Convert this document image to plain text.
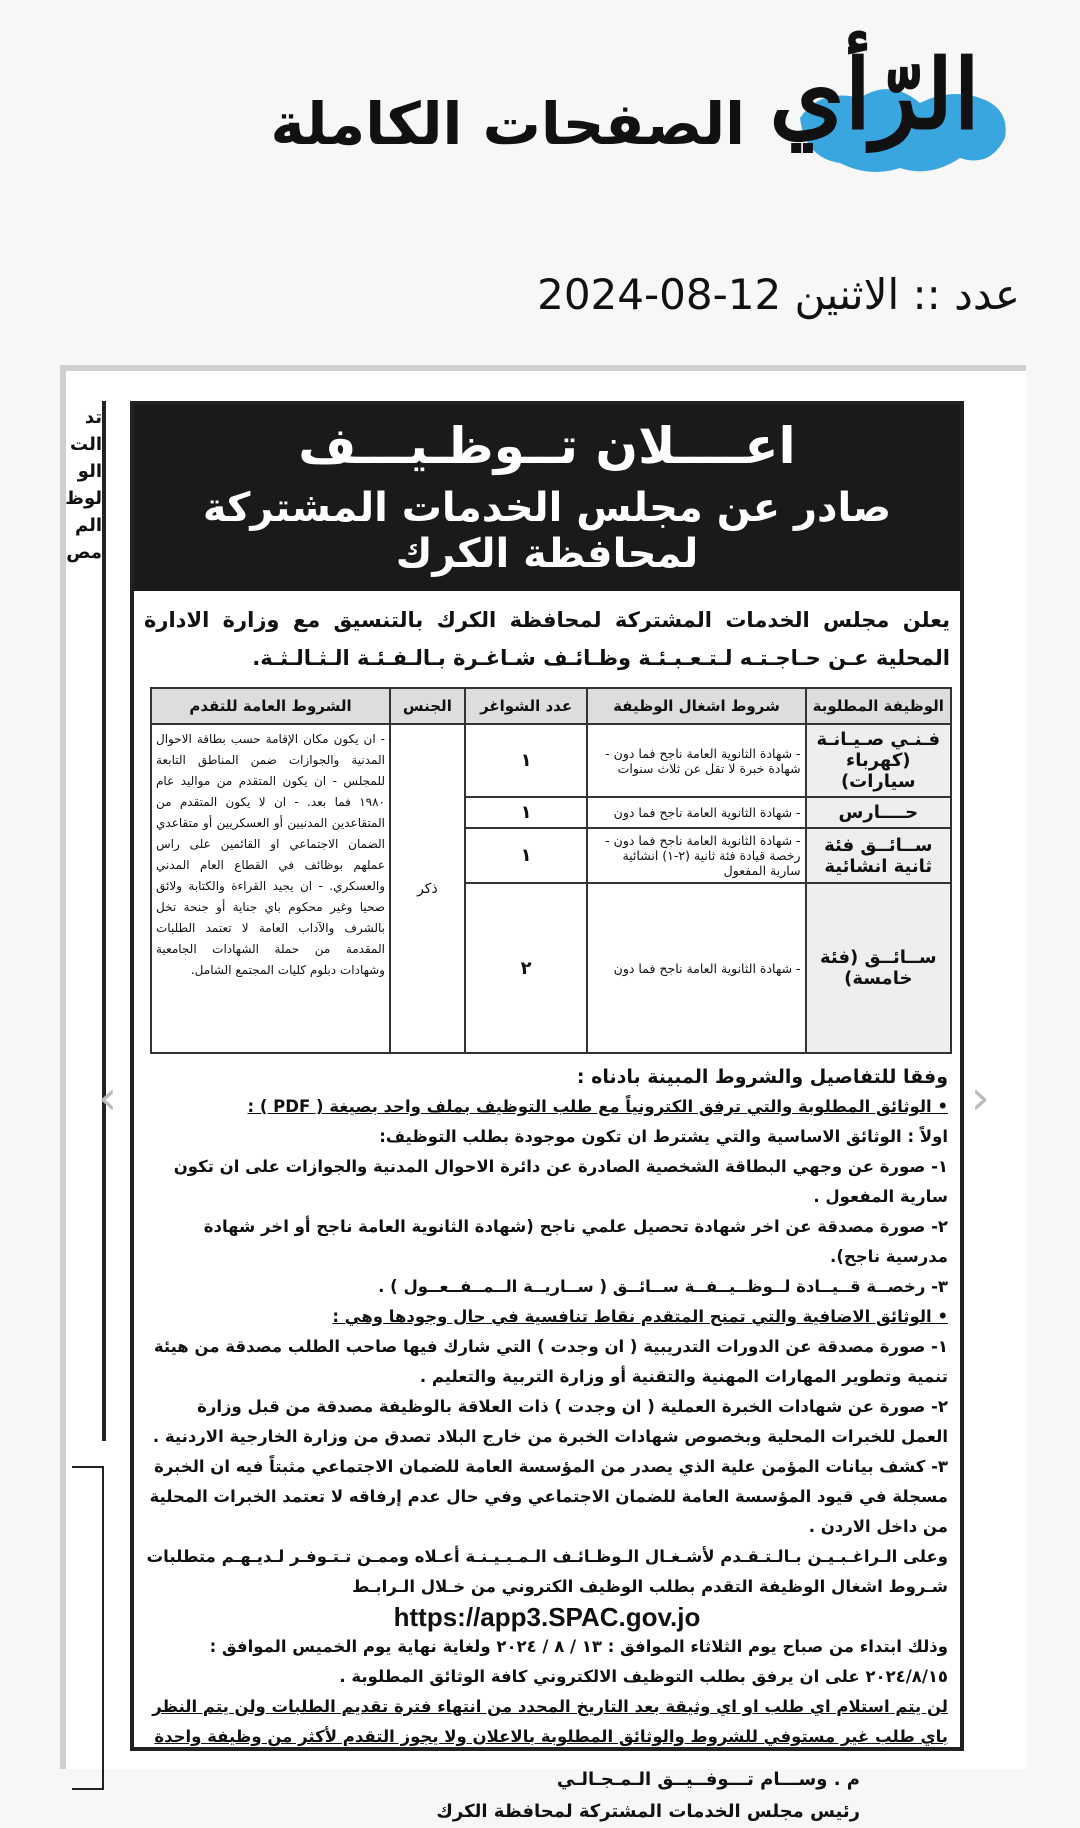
الرّأي
الصفحات الكاملة
عدد :: الاثنين 12-08-2024
تد
الت
الو
لوظ
الم
مص
اعــــلان تــوظـيـــف
صادر عن مجلس الخدمات المشتركة لمحافظة الكرك
يعلن مجلس الخدمات المشتركة لمحافظة الكرك بالتنسيق مع وزارة الادارة المحلية عـن حـاجـتـه لـتـعـبـئـة وظـائـف شـاغـرة بـالـفـئـة الـثـالـثـة.
الوظيفة المطلوبة	شروط اشغال الوظيفة	عدد الشواغر	الجنس	الشروط العامة للتقدم
فـنـي صـيـانـة (كهرباء سيارات)	- شهادة الثانوية العامة ناجح فما دون - شهادة خبرة لا تقل عن ثلاث سنوات	١	ذكر	- ان يكون مكان الإقامة حسب بطاقة الاحوال المدنية والجوازات ضمن المناطق التابعة للمجلس - ان يكون المتقدم من مواليد عام ١٩٨٠ فما بعد. - ان لا يكون المتقدم من المتقاعدين المدنيين أو العسكريين أو متقاعدي الضمان الاجتماعي او القائمين على راس عملهم بوظائف في القطاع العام المدني والعسكري. - ان يجيد القراءة والكتابة ولائق صحيا وغير محكوم باي جناية أو جنحة تخل بالشرف والآداب العامة لا تعتمد الطلبات المقدمة من حملة الشهادات الجامعية وشهادات دبلوم كليات المجتمع الشامل.
حــــارس	- شهادة الثانوية العامة ناجح فما دون	١		
ســائــق فئة ثانية انشائية	- شهادة الثانوية العامة ناجح فما دون - رخصة قيادة فئة ثانية (٢-١) انشائية سارية المفعول	١		
ســائــق (فئة خامسة)	- شهادة الثانوية العامة ناجح فما دون	٢		
وفقا للتفاصيل والشروط المبينة بادناه :
• الوثائق المطلوبة والتي ترفق الكترونياً مع طلب التوظيف بملف واحد بصيغة ( PDF ) :
اولاً : الوثائق الاساسية والتي يشترط ان تكون موجودة بطلب التوظيف:
١- صورة عن وجهي البطاقة الشخصية الصادرة عن دائرة الاحوال المدنية والجوازات على ان تكون سارية المفعول .
٢- صورة مصدقة عن اخر شهادة تحصيل علمي ناجح (شهادة الثانوية العامة ناجح أو اخر شهادة مدرسية ناجح).
٣- رخصــة قــيــادة لــوظــيــفــة ســائــق ( ســاريــة الــمــفــعــول ) .
• الوثائق الاضافية والتي تمنح المتقدم نقاط تنافسية في حال وجودها وهي :
١- صورة مصدقة عن الدورات التدريبية ( ان وجدت ) التي شارك فيها صاحب الطلب مصدقة من هيئة تنمية وتطوير المهارات المهنية والتقنية أو وزارة التربية والتعليم .
٢- صورة عن شهادات الخبرة العملية ( ان وجدت ) ذات العلاقة بالوظيفة مصدقة من قبل وزارة العمل للخبرات المحلية وبخصوص شهادات الخبرة من خارج البلاد تصدق من وزارة الخارجية الاردنية .
٣- كشف بيانات المؤمن علية الذي يصدر من المؤسسة العامة للضمان الاجتماعي مثبتاً فيه ان الخبرة مسجلة في قيود المؤسسة العامة للضمان الاجتماعي وفي حال عدم إرفاقه لا تعتمد الخبرات المحلية من داخل الاردن .
وعلى الـراغـبـيـن بـالـتـقـدم لأشـغـال الـوظـائـف الـمـبـيـنـة أعـلاه وممـن تـتـوفـر لـديـهـم متطلبات شـروط اشغال الوظيفة التقدم بطلب الوظيف الكتروني من خـلال الـرابـط

https://app3.SPAC.gov.jo

وذلك ابتداء من صباح يوم الثلاثاء الموافق : ١٣ / ٨ / ٢٠٢٤ ولغاية نهاية يوم الخميس الموافق : ٢٠٢٤/٨/١٥ على ان يرفق بطلب التوظيف الالكتروني كافة الوثائق المطلوبة .
لن يتم استلام اي طلب او اي وثيقة بعد التاريخ المحدد من انتهاء فترة تقديم الطلبات ولن يتم النظر باي طلب غير مستوفي للشروط والوثائق المطلوبة بالاعلان ولا يجوز التقدم لأكثر من وظيفة واحدة
م . وســـام تـــوفــيــق الـمـجـالـي
رئيس مجلس الخدمات المشتركة لمحافظة الكرك
‹	›
